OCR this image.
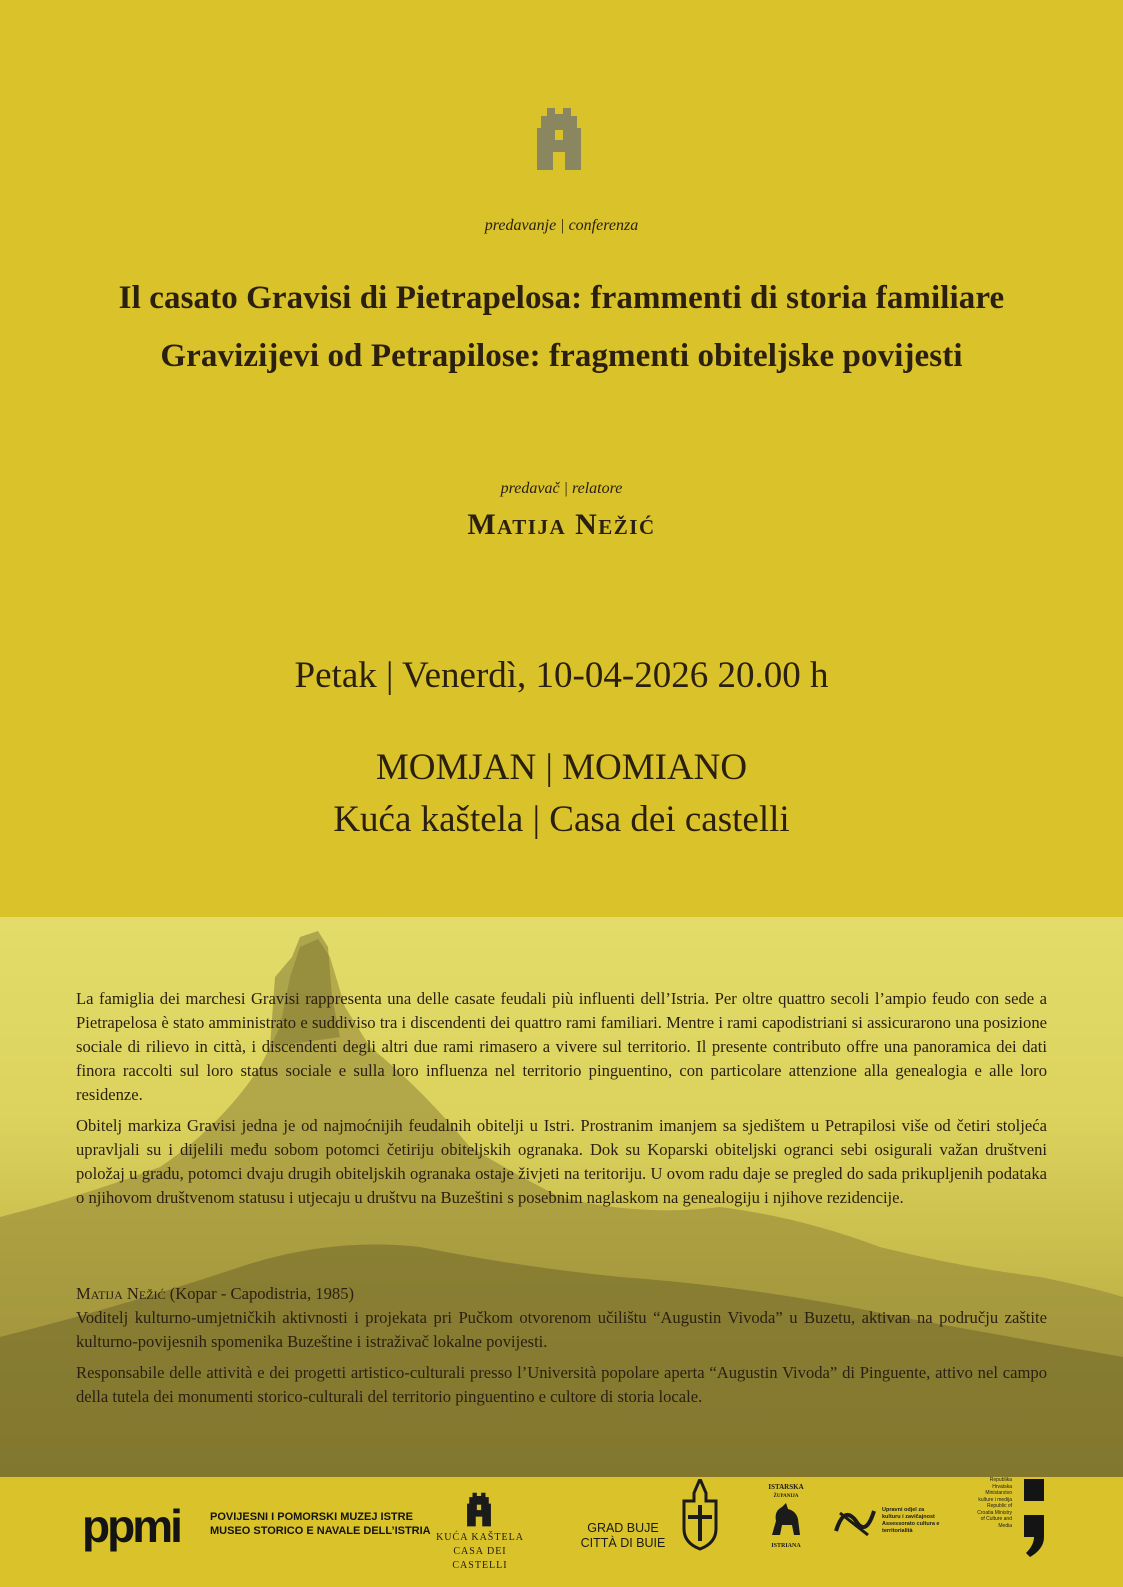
predavanje | conferenza
Il casato Gravisi di Pietrapelosa: frammenti di storia familiare
Gravizijevi od Petrapilose: fragmenti obiteljske povijesti
predavač | relatore
Matija Nežić
Petak | Venerdì, 10-04-2026 20.00 h
MOMJAN | MOMIANO
Kuća kaštela | Casa dei castelli

La famiglia dei marchesi Gravisi rappresenta una delle casate feudali più influenti dell’Istria. Per oltre quattro secoli l’ampio feudo con sede a Pietrapelosa è stato amministrato e suddiviso tra i discendenti dei quattro rami familiari. Mentre i rami capodistriani si assicurarono una posizione sociale di rilievo in città, i discendenti degli altri due rami rimasero a vivere sul territorio. Il presente contributo offre una panoramica dei dati finora raccolti sul loro status sociale e sulla loro influenza nel territorio pinguentino, con particolare attenzione alla genealogia e alle loro residenze.

Obitelj markiza Gravisi jedna je od najmoćnijih feudalnih obitelji u Istri. Prostranim imanjem sa sjedištem u Petrapilosi više od četiri stoljeća upravljali su i dijelili među sobom potomci četiriju obiteljskih ogranaka. Dok su Koparski obiteljski ogranci sebi osigurali važan društveni položaj u gradu, potomci dvaju drugih obiteljskih ogranaka ostaje živjeti na teritoriju. U ovom radu daje se pregled do sada prikupljenih podataka o njihovom društvenom statusu i utjecaju u društvu na Buzeštini s posebnim naglaskom na genealogiju i njihove rezidencije.

Matija Nežić (Kopar - Capodistria, 1985)

Voditelj kulturno-umjetničkih aktivnosti i projekata pri Pučkom otvorenom učilištu “Augustin Vivoda” u Buzetu, aktivan na području zaštite kulturno-povijesnih spomenika Buzeštine i istraživač lokalne povijesti.

Responsabile delle attività e dei progetti artistico-culturali presso l’Università popolare aperta “Augustin Vivoda” di Pinguente, attivo nel campo della tutela dei monumenti storico-culturali del territorio pinguentino e cultore di storia locale.

ppmi	POVIJESNI I POMORSKI MUZEJ ISTRE
MUSEO STORICO E NAVALE DELL’ISTRIA
KUĆA KAŠTELA
CASA DEI CASTELLI
GRAD BUJE
CITTÀ DI BUIE
ISTARSKA
ŽUPANIJA
ISTRIANA
Upravni odjel za kulturu i zavičajnost Assessorato cultura e territorialità
Republika Hrvatska Ministarstvo kulture i medija Republic of Croatia Ministry of Culture and Media
